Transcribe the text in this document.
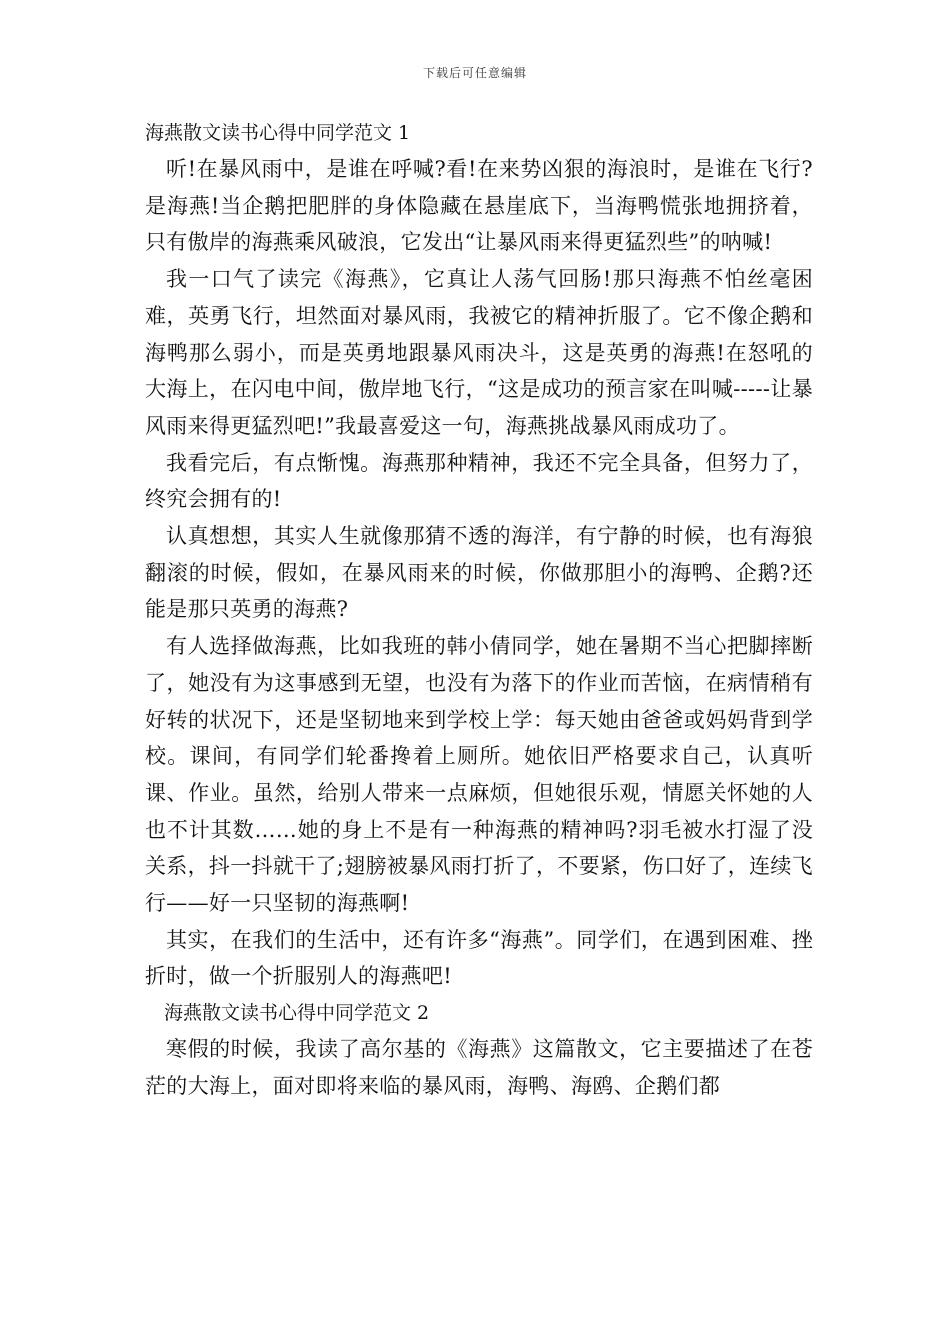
下载后可任意编辑

海燕散文读书心得中同学范文 1

听!在暴风雨中，是谁在呼喊?看!在来势凶狠的海浪时，是谁在飞行?是海燕!当企鹅把肥胖的身体隐藏在悬崖底下，当海鸭慌张地拥挤着，只有傲岸的海燕乘风破浪，它发出“让暴风雨来得更猛烈些”的呐喊!

我一口气了读完《海燕》，它真让人荡气回肠!那只海燕不怕丝毫困难，英勇飞行，坦然面对暴风雨，我被它的精神折服了。它不像企鹅和海鸭那么弱小，而是英勇地跟暴风雨决斗，这是英勇的海燕!在怒吼的大海上，在闪电中间，傲岸地飞行，“这是成功的预言家在叫喊-----让暴风雨来得更猛烈吧!”我最喜爱这一句，海燕挑战暴风雨成功了。

我看完后，有点惭愧。海燕那种精神，我还不完全具备，但努力了，终究会拥有的!

认真想想，其实人生就像那猜不透的海洋，有宁静的时候，也有海狼翻滚的时候，假如，在暴风雨来的时候，你做那胆小的海鸭、企鹅?还能是那只英勇的海燕?

有人选择做海燕，比如我班的韩小倩同学，她在暑期不当心把脚摔断了，她没有为这事感到无望，也没有为落下的作业而苦恼，在病情稍有好转的状况下，还是坚韧地来到学校上学：每天她由爸爸或妈妈背到学校。课间，有同学们轮番搀着上厕所。她依旧严格要求自己，认真听课、作业。虽然，给别人带来一点麻烦，但她很乐观，情愿关怀她的人也不计其数……她的身上不是有一种海燕的精神吗?羽毛被水打湿了没关系，抖一抖就干了;翅膀被暴风雨打折了，不要紧，伤口好了，连续飞行——好一只坚韧的海燕啊!

其实，在我们的生活中，还有许多“海燕”。同学们，在遇到困难、挫折时，做一个折服别人的海燕吧!

海燕散文读书心得中同学范文 2

寒假的时候，我读了高尔基的《海燕》这篇散文，它主要描述了在苍茫的大海上，面对即将来临的暴风雨，海鸭、海鸥、企鹅们都
